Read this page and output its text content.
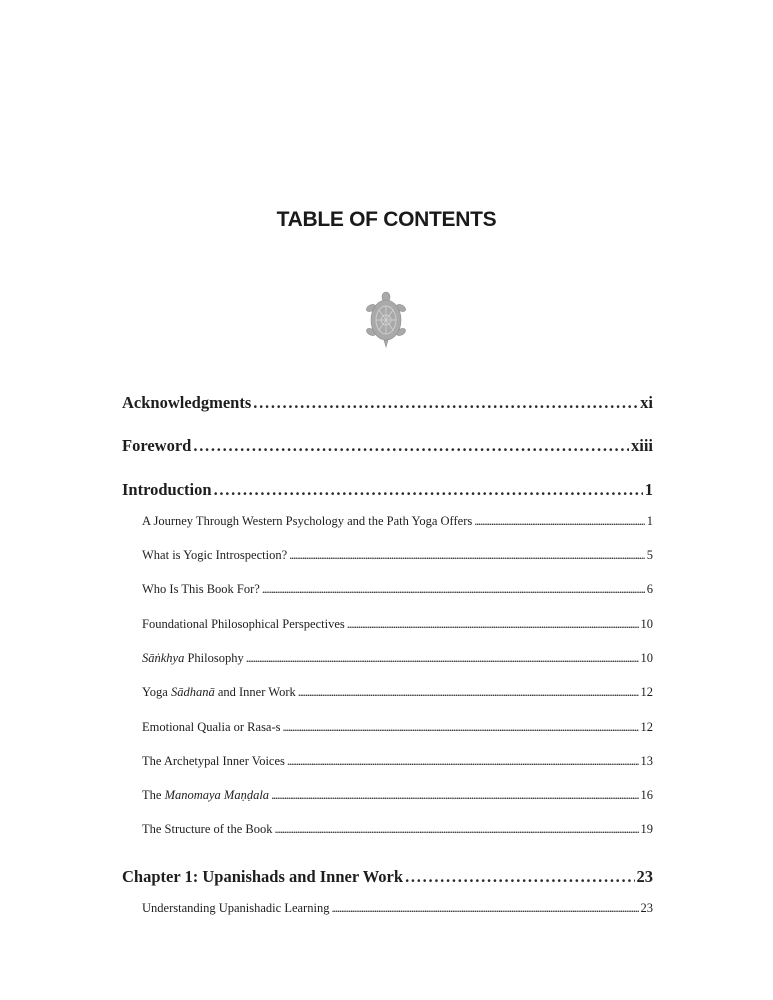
TABLE OF CONTENTS
Acknowledgments . . .	xi
Foreword . . .	xiii
Introduction . . .	1
A Journey Through Western Psychology and the Path Yoga Offers . . .	1
What is Yogic Introspection? . . .	5
Who Is This Book For? . . .	6
Foundational Philosophical Perspectives . . .	10
Sāṅkhya Philosophy . . .	10
Yoga Sādhanā and Inner Work . . .	12
Emotional Qualia or Rasa-s . . .	12
The Archetypal Inner Voices . . .	13
The Manomaya Maṇḍala . . .	16
The Structure of the Book . . .	19
Chapter 1: Upanishads and Inner Work . . .	23
Understanding Upanishadic Learning . . .	23
